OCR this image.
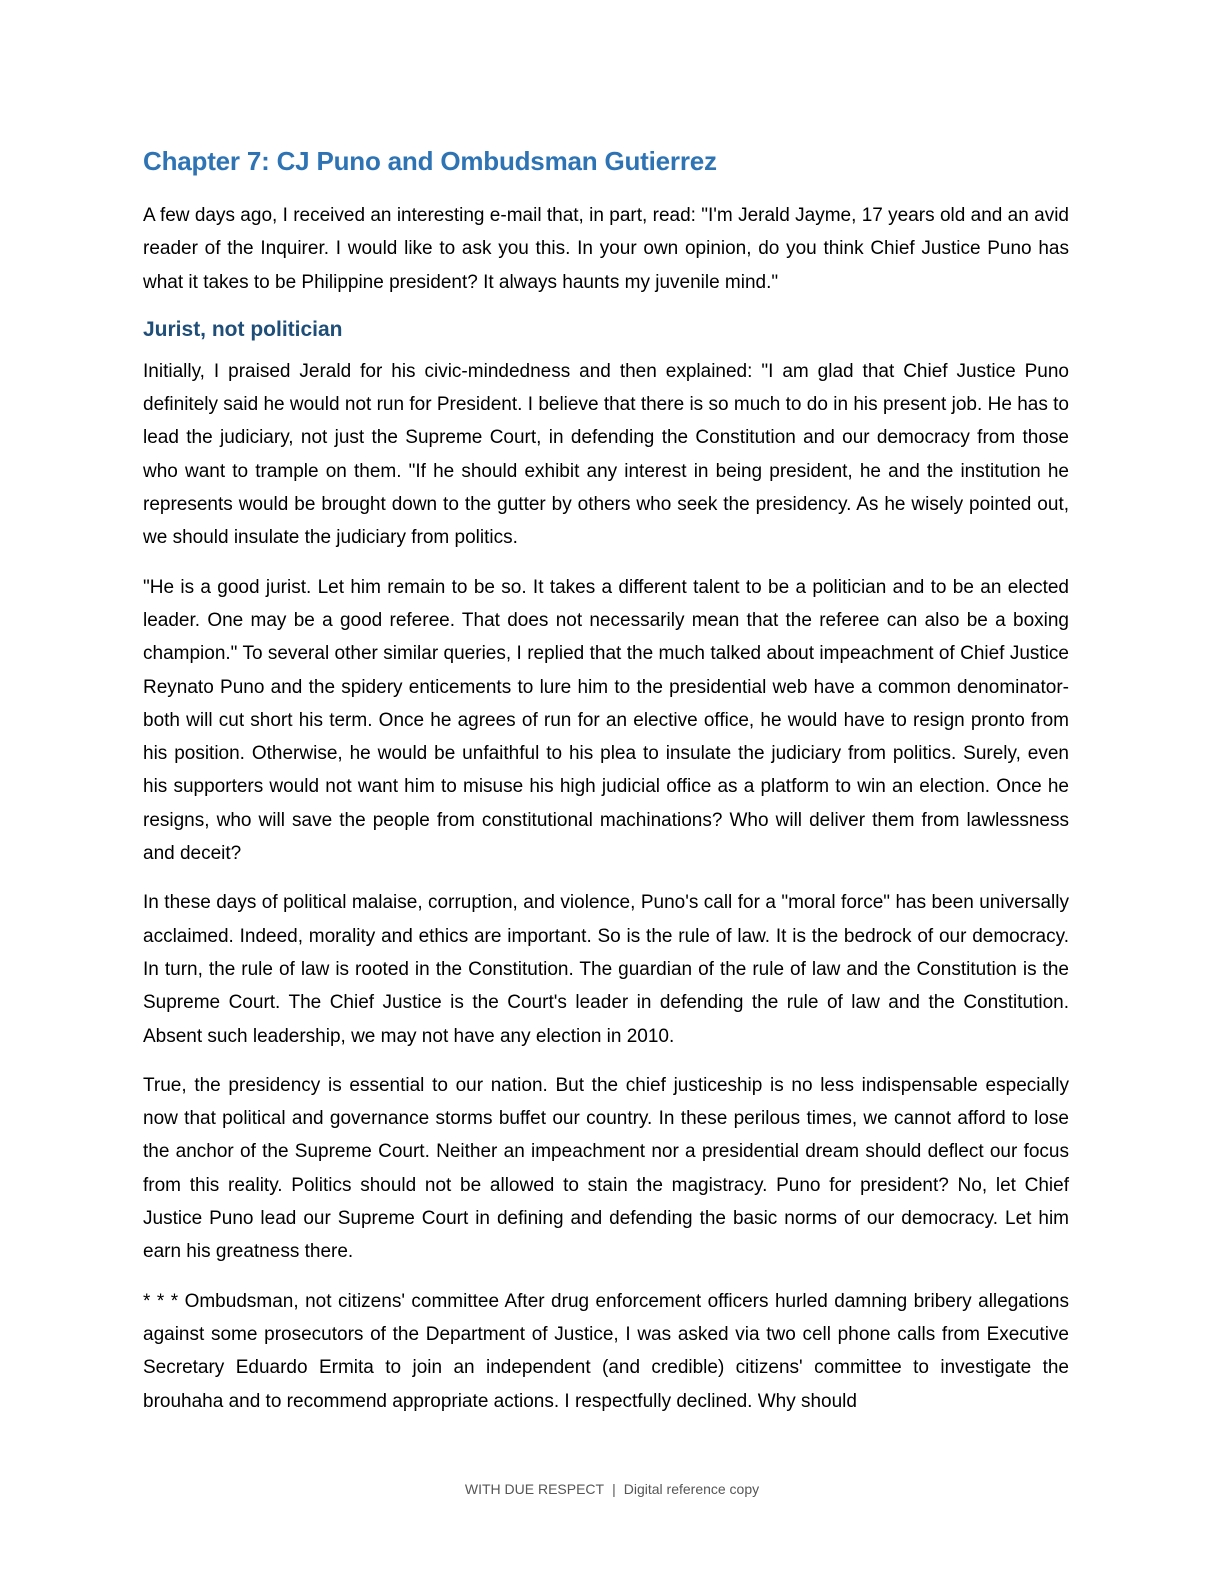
Chapter 7: CJ Puno and Ombudsman Gutierrez

A few days ago, I received an interesting e-mail that, in part, read: "I'm Jerald Jayme, 17 years old and an avid reader of the Inquirer. I would like to ask you this. In your own opinion, do you think Chief Justice Puno has what it takes to be Philippine president? It always haunts my juvenile mind."

Jurist, not politician

Initially, I praised Jerald for his civic-mindedness and then explained: "I am glad that Chief Justice Puno definitely said he would not run for President. I believe that there is so much to do in his present job. He has to lead the judiciary, not just the Supreme Court, in defending the Constitution and our democracy from those who want to trample on them. "If he should exhibit any interest in being president, he and the institution he represents would be brought down to the gutter by others who seek the presidency. As he wisely pointed out, we should insulate the judiciary from politics.

"He is a good jurist. Let him remain to be so. It takes a different talent to be a politician and to be an elected leader. One may be a good referee. That does not necessarily mean that the referee can also be a boxing champion." To several other similar queries, I replied that the much talked about impeachment of Chief Justice Reynato Puno and the spidery enticements to lure him to the presidential web have a common denominator-both will cut short his term. Once he agrees of run for an elective office, he would have to resign pronto from his position. Otherwise, he would be unfaithful to his plea to insulate the judiciary from politics. Surely, even his supporters would not want him to misuse his high judicial office as a platform to win an election. Once he resigns, who will save the people from constitutional machinations? Who will deliver them from lawlessness and deceit?

In these days of political malaise, corruption, and violence, Puno's call for a "moral force" has been universally acclaimed. Indeed, morality and ethics are important. So is the rule of law. It is the bedrock of our democracy. In turn, the rule of law is rooted in the Constitution. The guardian of the rule of law and the Constitution is the Supreme Court. The Chief Justice is the Court's leader in defending the rule of law and the Constitution. Absent such leadership, we may not have any election in 2010.

True, the presidency is essential to our nation. But the chief justiceship is no less indispensable especially now that political and governance storms buffet our country. In these perilous times, we cannot afford to lose the anchor of the Supreme Court. Neither an impeachment nor a presidential dream should deflect our focus from this reality. Politics should not be allowed to stain the magistracy. Puno for president? No, let Chief Justice Puno lead our Supreme Court in defining and defending the basic norms of our democracy. Let him earn his greatness there.

* * * Ombudsman, not citizens' committee After drug enforcement officers hurled damning bribery allegations against some prosecutors of the Department of Justice, I was asked via two cell phone calls from Executive Secretary Eduardo Ermita to join an independent (and credible) citizens' committee to investigate the brouhaha and to recommend appropriate actions. I respectfully declined. Why should

WITH DUE RESPECT | Digital reference copy
